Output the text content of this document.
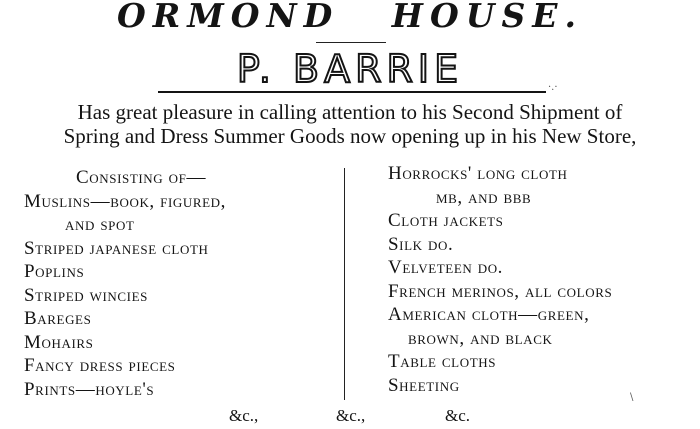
ORMOND HOUSE.
P. BARRIE
Has great pleasure in calling attention to his Second Shipment of
Spring and Dress Summer Goods now opening up in his New Store,
Consisting of—
Muslins—book, figured,
and spot
Striped japanese cloth
Poplins
Striped wincies
Bareges
Mohairs
Fancy dress pieces
Prints—hoyle's
Horrocks' long cloth
mb, and bbb
Cloth jackets
Silk do.
Velveteen do.
French merinos, all colors
American cloth—green,
brown, and black
Table cloths
Sheeting
&c.,	&c.,	&c.
·.·
\
